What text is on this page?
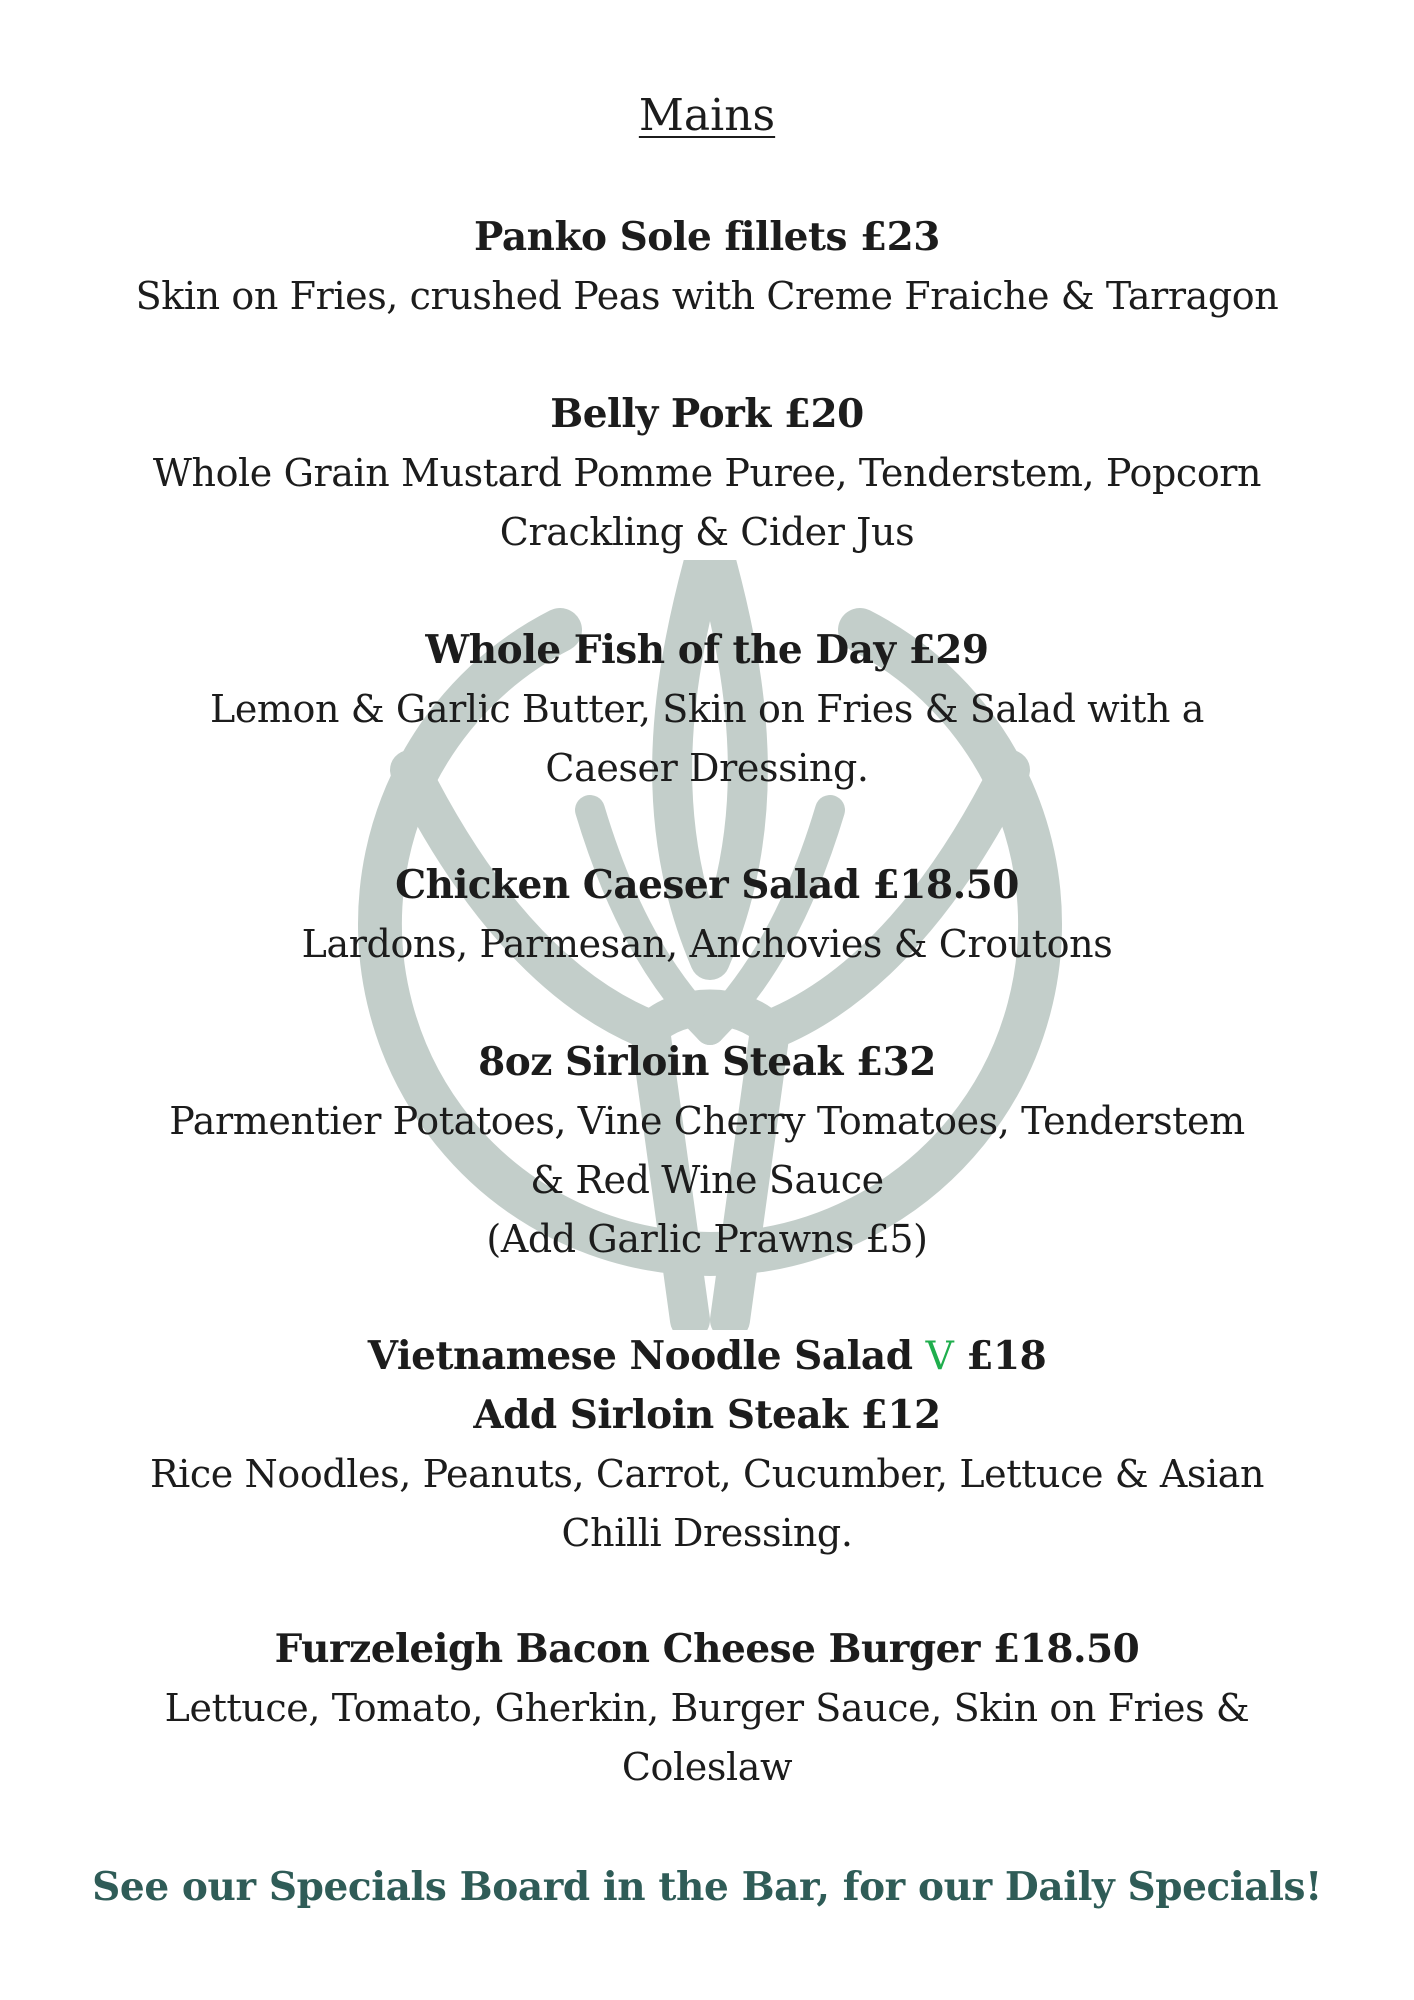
Mains
Panko Sole fillets £23
Skin on Fries, crushed Peas with Creme Fraiche & Tarragon
Belly Pork £20
Whole Grain Mustard Pomme Puree, Tenderstem, Popcorn
Crackling & Cider Jus
Whole Fish of the Day £29
Lemon & Garlic Butter, Skin on Fries & Salad with a
Caeser Dressing.
Chicken Caeser Salad £18.50
Lardons, Parmesan, Anchovies & Croutons
8oz Sirloin Steak £32
Parmentier Potatoes, Vine Cherry Tomatoes, Tenderstem
& Red Wine Sauce
(Add Garlic Prawns £5)
Vietnamese Noodle Salad V £18
Add Sirloin Steak £12
Rice Noodles, Peanuts, Carrot, Cucumber, Lettuce & Asian
Chilli Dressing.
Furzeleigh Bacon Cheese Burger £18.50
Lettuce, Tomato, Gherkin, Burger Sauce, Skin on Fries &
Coleslaw
See our Specials Board in the Bar, for our Daily Specials!
